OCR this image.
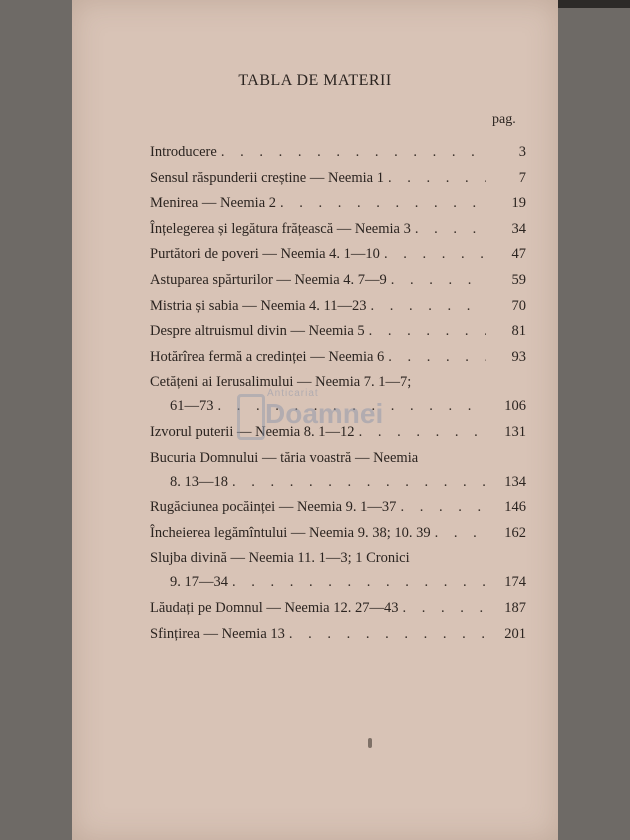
TABLA DE MATERII
pag.
Introducere . . .	3
Sensul răspunderii creștine — Neemia 1 . . .	7
Menirea — Neemia 2 . . .	19
Înțelegerea și legătura frățească — Neemia 3 . . .	34
Purtători de poveri — Neemia 4. 1—10 . . .	47
Astuparea spărturilor — Neemia 4. 7—9 . . .	59
Mistria și sabia — Neemia 4. 11—23 . . .	70
Despre altruismul divin — Neemia 5 . . .	81
Hotărîrea fermă a credinței — Neemia 6 . . .	93
Cetățeni ai Ierusalimului — Neemia 7. 1—7;
61—73 . . .	106
Izvorul puterii — Neemia 8. 1—12 . . .	131
Bucuria Domnului — tăria voastră — Neemia
8. 13—18 . . .	134
Rugăciunea pocăinței — Neemia 9. 1—37 . . .	146
Încheierea legămîntului — Neemia 9. 38; 10. 39 . . .	162
Slujba divină — Neemia 11. 1—3; 1 Cronici
9. 17—34 . . .	174
Lăudați pe Domnul — Neemia 12. 27—43 . . .	187
Sfințirea — Neemia 13 . . .	201
Anticariat
Doamnei
